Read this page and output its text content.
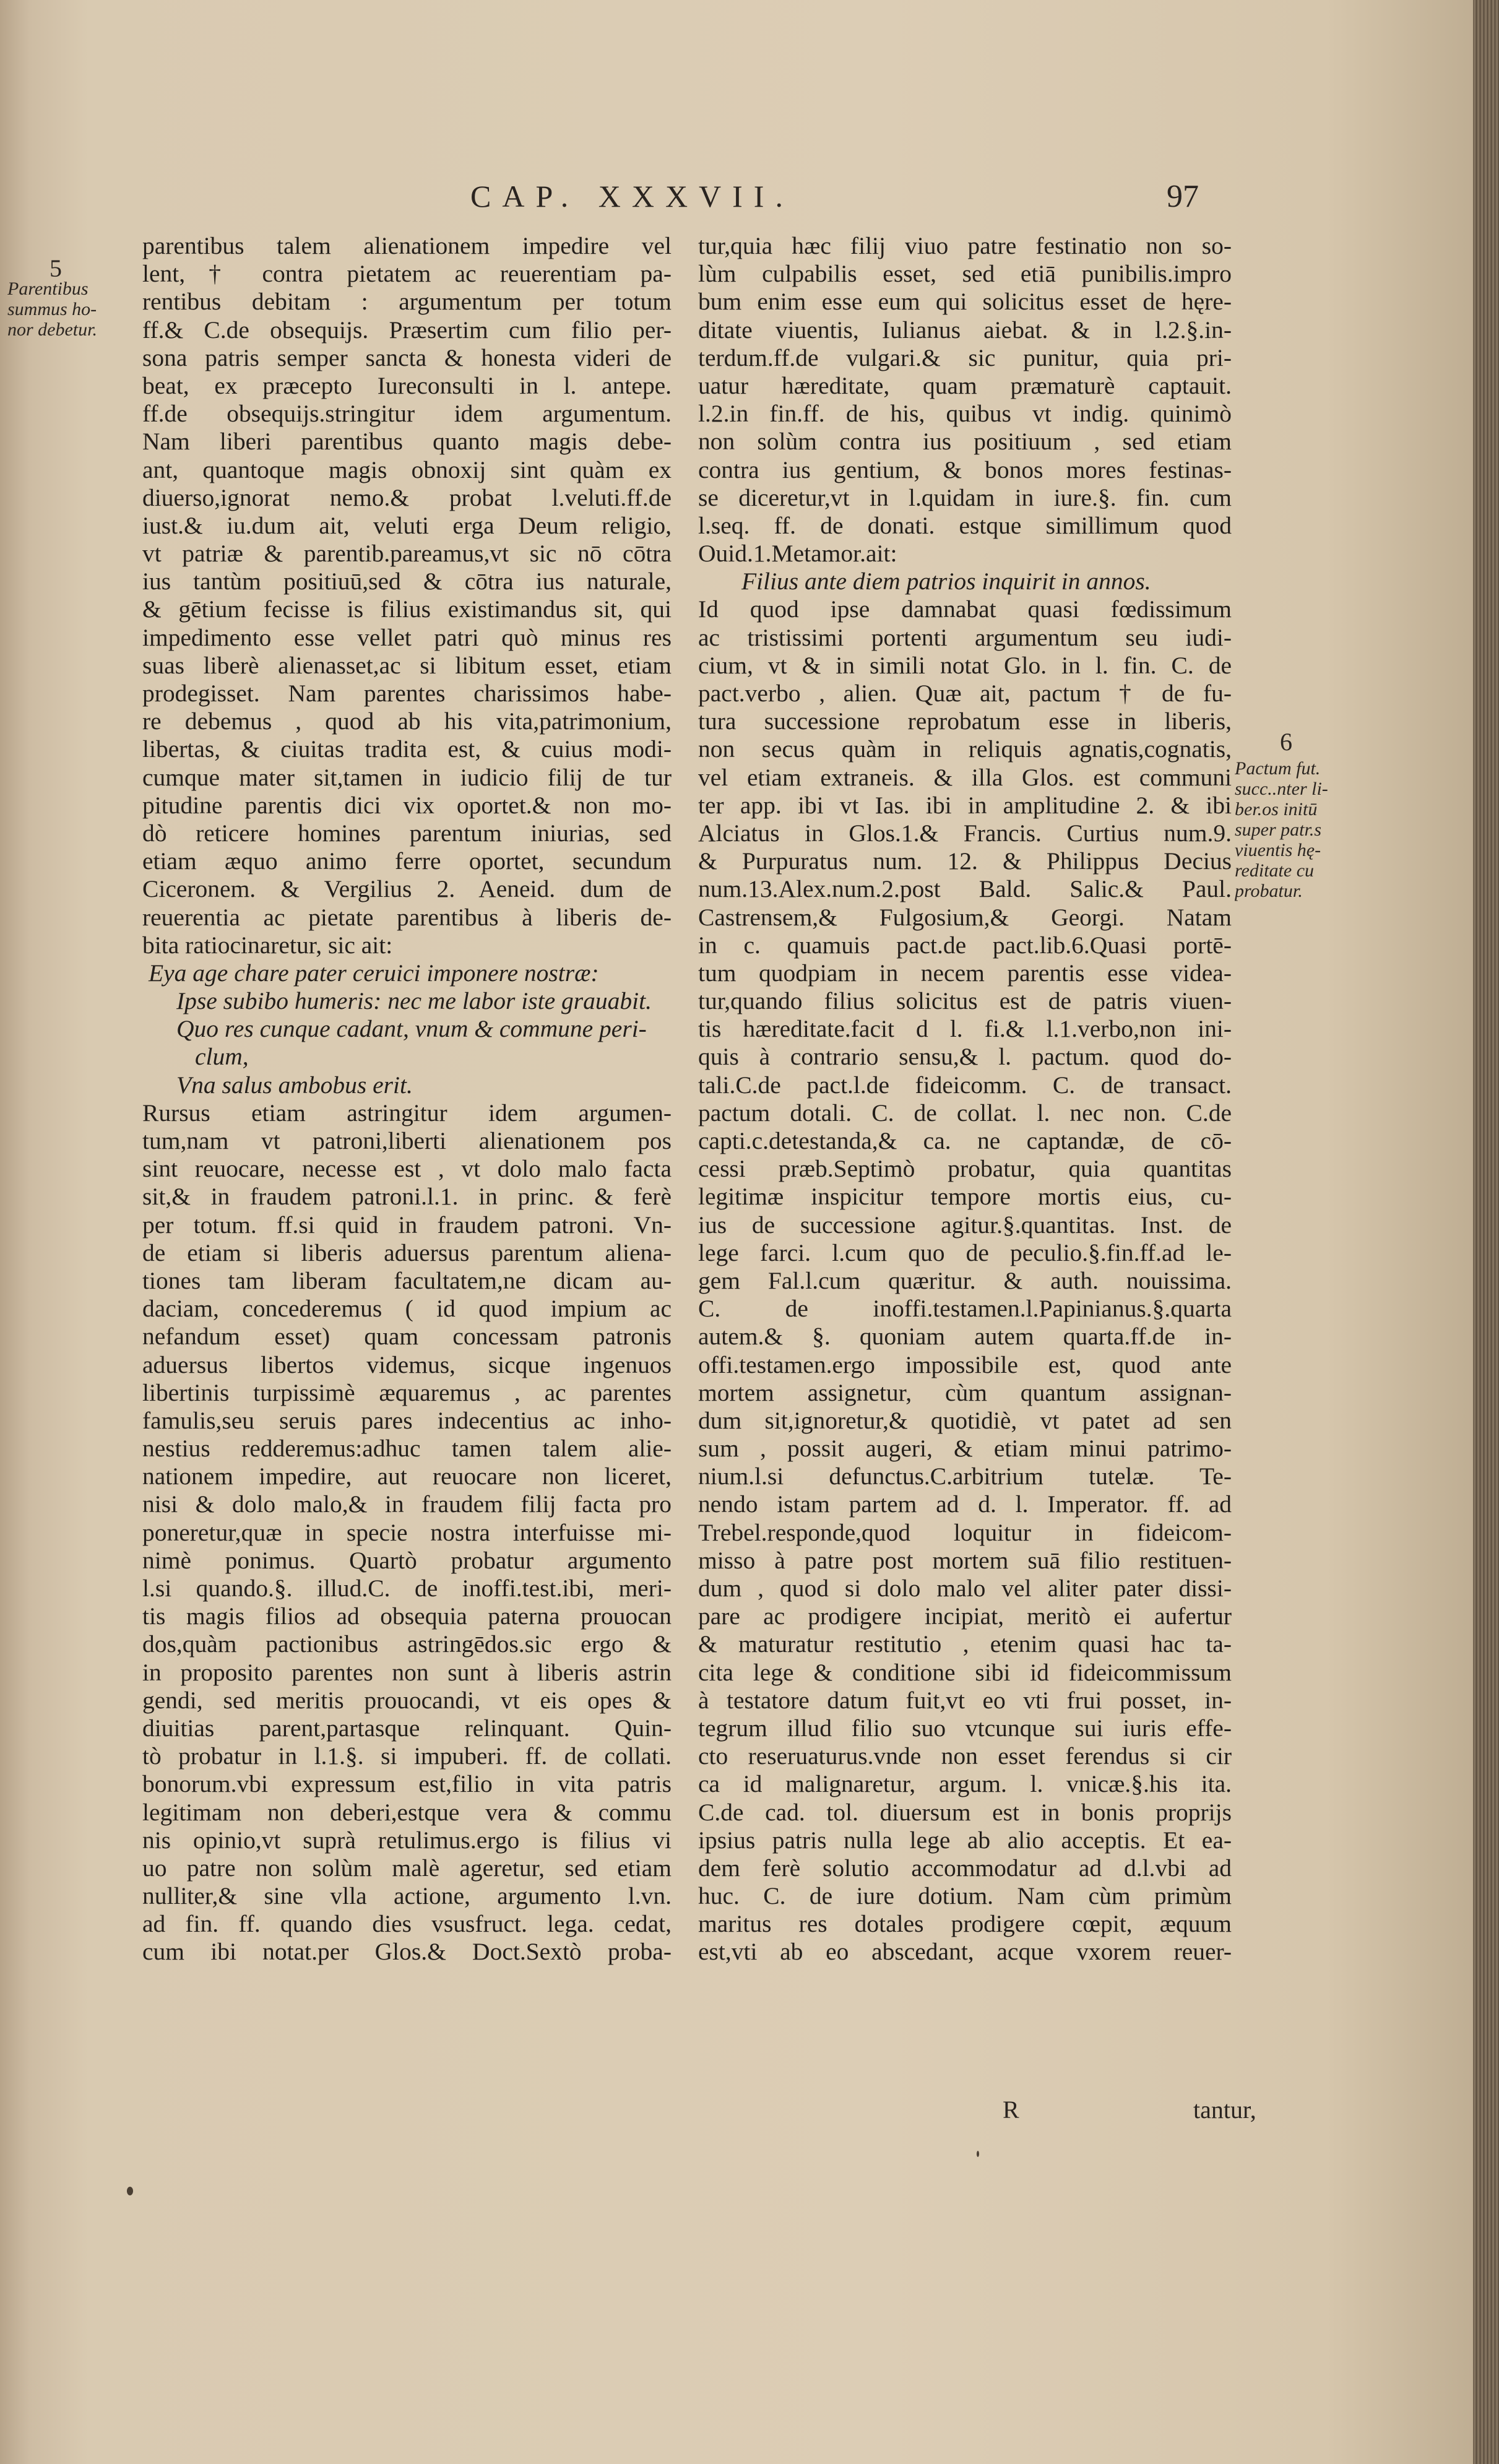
CAP. XXXVII.	97
5
Parentibus
summus ho-
nor debetur.
6
Pactum fut.
succ..nter li-
ber.os initū
super patr.s
viuentis hę-
reditate cu
probatur.
parentibus talem alienationem impedire vel
lent, † contra pietatem ac reuerentiam pa-
rentibus debitam : argumentum per totum
ff.& C.de obsequijs. Præsertim cum filio per-
sona patris semper sancta & honesta videri de
beat, ex præcepto Iureconsulti in l. antepe.
ff.de obsequijs.stringitur idem argumentum.
Nam liberi parentibus quanto magis debe-
ant, quantoque magis obnoxij sint quàm ex
diuerso,ignorat nemo.& probat l.veluti.ff.de
iust.& iu.dum ait, veluti erga Deum religio,
vt patriæ & parentib.pareamus,vt sic nō cōtra
ius tantùm positiuū,sed & cōtra ius naturale,
& gētium fecisse is filius existimandus sit, qui
impedimento esse vellet patri quò minus res
suas liberè alienasset,ac si libitum esset, etiam
prodegisset. Nam parentes charissimos habe-
re debemus , quod ab his vita,patrimonium,
libertas, & ciuitas tradita est, & cuius modi-
cumque mater sit,tamen in iudicio filij de tur
pitudine parentis dici vix oportet.& non mo-
dò reticere homines parentum iniurias, sed
etiam æquo animo ferre oportet, secundum
Ciceronem. & Vergilius 2. Aeneid. dum de
reuerentia ac pietate parentibus à liberis de-
bita ratiocinaretur, sic ait:
Eya age chare pater ceruici imponere nostræ:
Ipse subibo humeris: nec me labor iste grauabit.
Quo res cunque cadant, vnum & commune peri-
clum,
Vna salus ambobus erit.
Rursus etiam astringitur idem argumen-
tum,nam vt patroni,liberti alienationem pos
sint reuocare, necesse est , vt dolo malo facta
sit,& in fraudem patroni.l.1. in princ. & ferè
per totum. ff.si quid in fraudem patroni. Vn-
de etiam si liberis aduersus parentum aliena-
tiones tam liberam facultatem,ne dicam au-
daciam, concederemus ( id quod impium ac
nefandum esset) quam concessam patronis
aduersus libertos videmus, sicque ingenuos
libertinis turpissimè æquaremus , ac parentes
famulis,seu seruis pares indecentius ac inho-
nestius redderemus:adhuc tamen talem alie-
nationem impedire, aut reuocare non liceret,
nisi & dolo malo,& in fraudem filij facta pro
poneretur,quæ in specie nostra interfuisse mi-
nimè ponimus. Quartò probatur argumento
l.si quando.§. illud.C. de inoffi.test.ibi, meri-
tis magis filios ad obsequia paterna prouocan
dos,quàm pactionibus astringēdos.sic ergo &
in proposito parentes non sunt à liberis astrin
gendi, sed meritis prouocandi, vt eis opes &
diuitias parent,partasque relinquant. Quin-
tò probatur in l.1.§. si impuberi. ff. de collati.
bonorum.vbi expressum est,filio in vita patris
legitimam non deberi,estque vera & commu
nis opinio,vt suprà retulimus.ergo is filius vi
uo patre non solùm malè ageretur, sed etiam
nulliter,& sine vlla actione, argumento l.vn.
ad fin. ff. quando dies vsusfruct. lega. cedat,
cum ibi notat.per Glos.& Doct.Sextò proba-
tur,quia hæc filij viuo patre festinatio non so-
lùm culpabilis esset, sed etiā punibilis.impro
bum enim esse eum qui solicitus esset de hęre-
ditate viuentis, Iulianus aiebat. & in l.2.§.in-
terdum.ff.de vulgari.& sic punitur, quia pri-
uatur hæreditate, quam præmaturè captauit.
l.2.in fin.ff. de his, quibus vt indig. quinimò
non solùm contra ius positiuum , sed etiam
contra ius gentium, & bonos mores festinas-
se diceretur,vt in l.quidam in iure.§. fin. cum
l.seq. ff. de donati. estque simillimum quod
Ouid.1.Metamor.ait:
Filius ante diem patrios inquirit in annos.
Id quod ipse damnabat quasi fœdissimum
ac tristissimi portenti argumentum seu iudi-
cium, vt & in simili notat Glo. in l. fin. C. de
pact.verbo , alien. Quæ ait, pactum † de fu-
tura successione reprobatum esse in liberis,
non secus quàm in reliquis agnatis,cognatis,
vel etiam extraneis. & illa Glos. est communi
ter app. ibi vt Ias. ibi in amplitudine 2. & ibi
Alciatus in Glos.1.& Francis. Curtius num.9.
& Purpuratus num. 12. & Philippus Decius
num.13.Alex.num.2.post Bald. Salic.& Paul.
Castrensem,& Fulgosium,& Georgi. Natam
in c. quamuis pact.de pact.lib.6.Quasi portē-
tum quodpiam in necem parentis esse videa-
tur,quando filius solicitus est de patris viuen-
tis hæreditate.facit d l. fi.& l.1.verbo,non ini-
quis à contrario sensu,& l. pactum. quod do-
tali.C.de pact.l.de fideicomm. C. de transact.
pactum dotali. C. de collat. l. nec non. C.de
capti.c.detestanda,& ca. ne captandæ, de cō-
cessi præb.Septimò probatur, quia quantitas
legitimæ inspicitur tempore mortis eius, cu-
ius de successione agitur.§.quantitas. Inst. de
lege farci. l.cum quo de peculio.§.fin.ff.ad le-
gem Fal.l.cum quæritur. & auth. nouissima.
C. de inoffi.testamen.l.Papinianus.§.quarta
autem.& §. quoniam autem quarta.ff.de in-
offi.testamen.ergo impossibile est, quod ante
mortem assignetur, cùm quantum assignan-
dum sit,ignoretur,& quotidiè, vt patet ad sen
sum , possit augeri, & etiam minui patrimo-
nium.l.si defunctus.C.arbitrium tutelæ. Te-
nendo istam partem ad d. l. Imperator. ff. ad
Trebel.responde,quod loquitur in fideicom-
misso à patre post mortem suā filio restituen-
dum , quod si dolo malo vel aliter pater dissi-
pare ac prodigere incipiat, meritò ei aufertur
& maturatur restitutio , etenim quasi hac ta-
cita lege & conditione sibi id fideicommissum
à testatore datum fuit,vt eo vti frui posset, in-
tegrum illud filio suo vtcunque sui iuris effe-
cto reseruaturus.vnde non esset ferendus si cir
ca id malignaretur, argum. l. vnicæ.§.his ita.
C.de cad. tol. diuersum est in bonis proprijs
ipsius patris nulla lege ab alio acceptis. Et ea-
dem ferè solutio accommodatur ad d.l.vbi ad
huc. C. de iure dotium. Nam cùm primùm
maritus res dotales prodigere cœpit, æquum
est,vti ab eo abscedant, acque vxorem reuer-
R	tantur,
